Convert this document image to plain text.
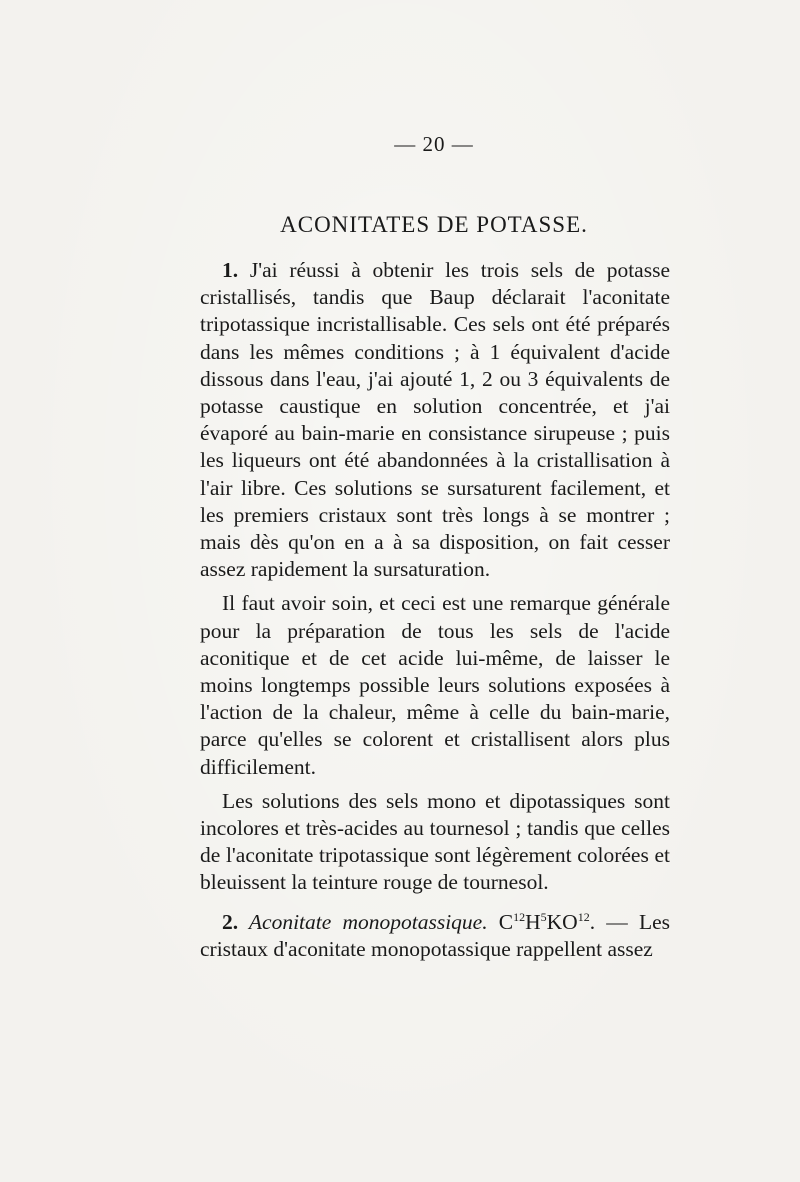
— 20 —
ACONITATES DE POTASSE.

1. J'ai réussi à obtenir les trois sels de potasse cristallisés, tandis que Baup déclarait l'aconitate tripotassique incristallisable. Ces sels ont été préparés dans les mêmes conditions ; à 1 équivalent d'acide dissous dans l'eau, j'ai ajouté 1, 2 ou 3 équivalents de potasse caustique en solution concentrée, et j'ai évaporé au bain-marie en consistance sirupeuse ; puis les liqueurs ont été abandonnées à la cristallisation à l'air libre. Ces solutions se sursaturent facilement, et les premiers cristaux sont très longs à se montrer ; mais dès qu'on en a à sa disposition, on fait cesser assez rapidement la sursaturation.

Il faut avoir soin, et ceci est une remarque générale pour la préparation de tous les sels de l'acide aconitique et de cet acide lui-même, de laisser le moins longtemps possible leurs solutions exposées à l'action de la chaleur, même à celle du bain-marie, parce qu'elles se colorent et cristallisent alors plus difficilement.

Les solutions des sels mono et dipotassiques sont incolores et très-acides au tournesol ; tandis que celles de l'aconitate tripotassique sont légèrement colorées et bleuissent la teinture rouge de tournesol.

2. Aconitate monopotassique. $C^{12}H^5KO^{12}$. — Les cristaux d'aconitate monopotassique rappellent assez
